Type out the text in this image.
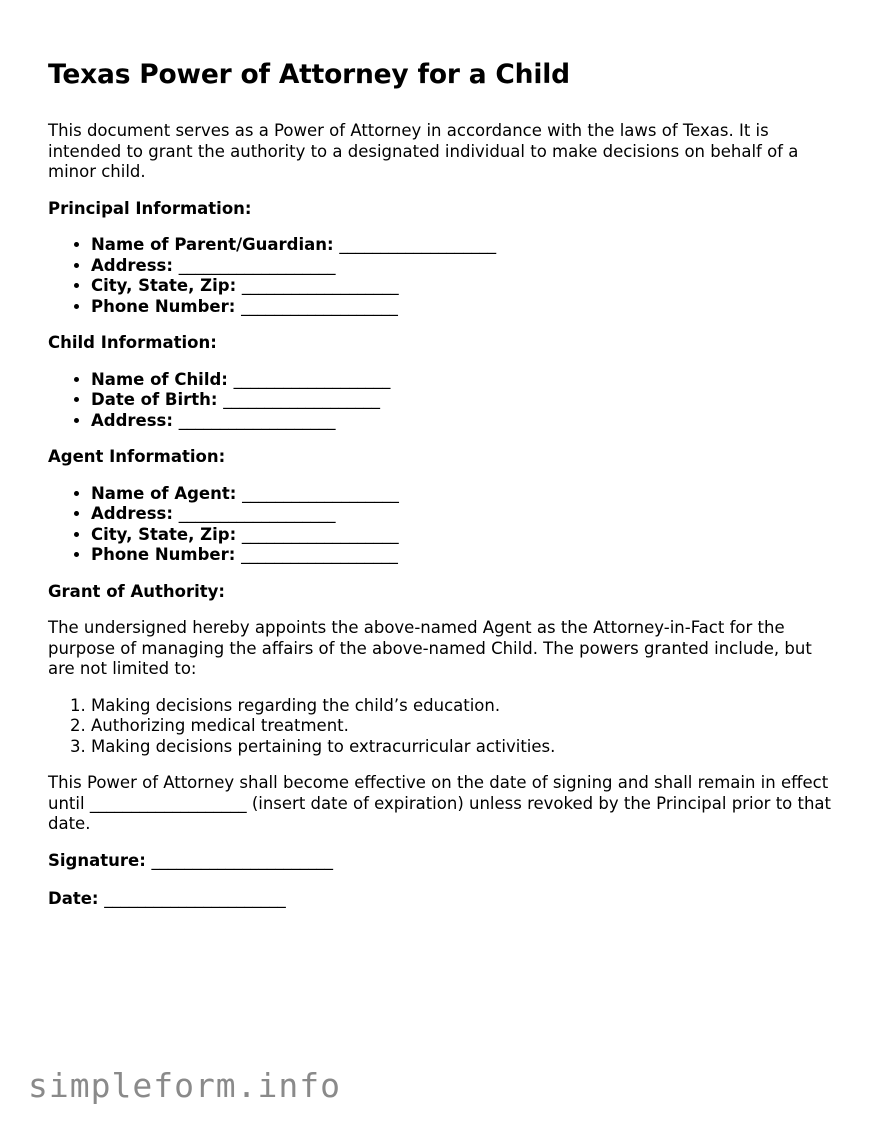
Texas Power of Attorney for a Child

This document serves as a Power of Attorney in accordance with the laws of Texas. It is intended to grant the authority to a designated individual to make decisions on behalf of a minor child.

Principal Information:

• Name of Parent/Guardian: ___________________
• Address: ___________________
• City, State, Zip: ___________________
• Phone Number: ___________________

Child Information:

• Name of Child: ___________________
• Date of Birth: ___________________
• Address: ___________________

Agent Information:

• Name of Agent: ___________________
• Address: ___________________
• City, State, Zip: ___________________
• Phone Number: ___________________

Grant of Authority:

The undersigned hereby appoints the above-named Agent as the Attorney-in-Fact for the purpose of managing the affairs of the above-named Child. The powers granted include, but are not limited to:

1. Making decisions regarding the child’s education.
2. Authorizing medical treatment.
3. Making decisions pertaining to extracurricular activities.

This Power of Attorney shall become effective on the date of signing and shall remain in effect until ___________________ (insert date of expiration) unless revoked by the Principal prior to that date.

Signature: ______________________

Date: ______________________

simpleform.info
